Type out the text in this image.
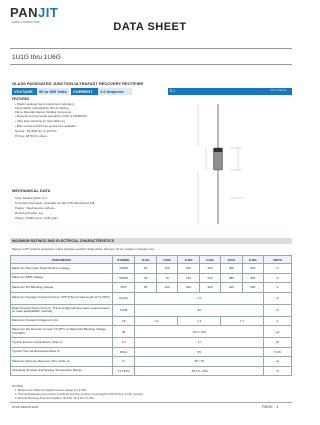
PANJIT
SEMI CONDUCTOR	DATA SHEET
1U1G thru 1U6G
GLASS PASSIVATED JUNCTION ULTRAFAST RECOVERY RECTIFIER
VOLTAGE	50 to 500 Volts	CURRENT	1.0 Amperes	R-1	Unit: inch(mm)
FEATURES
• Plastic package has Underwriters Laboratory
Flammability Classification 94V-O utilizing
Flame Retardant Epoxy Molding Compound
• Exceeds environmental standards of MIL-S-19500/228
• Ultra Fast switching for high efficiency
• Both normal and Pb free product are available :
Normal : 90~95% Sn, 5~10% Pb
Pb free: 98.5% Sn above
MECHANICAL DATA
Case: Molded plastic, R-1
Terminals: Axial leads, solderable per MIL-STD-202,Method 208
Polarity : Band denotes cathode
Mounting Position: Any
Weight: 0.0065 ounce, 0.181 gram
MAXIMUM RATINGS AND ELECTRICAL CHARACTERISTICS
Ratings at 25°C ambient temperature unless otherwise specified. Single phase, half wave, 60 Hz, resistive or inductive load.
PARAMETER	SYMBOL	1U1G	1U2G	1U3G	1U4G	1U5G	1U6G	UNITS
Maximum Recurrent Peak Reverse Voltage	VRRM	50	100	200	300	400	500	V
Maximum RMS Voltage	VRMS	35	70	140	210	280	350	V
Maximum DC Blocking Voltage	VDC	50	100	200	300	400	500	V
Maximum Average Forward Current .375"(9.5mm) lead length at TL=55°C	IF(AV)	1.0						A
Peak Forward Surge Current : 8.3ms single half sine-wave superimposed on rated load(JEDEC method)	IFSM	30						A
Maximum Forward Voltage at 1.0A	VF	1.0		1.3		1.7		V
Maximum DC Reverse Current TJ=25°C at Rated DC Blocking Voltage TJ=100°C	IR	10.0 / 100						µA
Typical Junction Capacitance (Note 1)	CJ	17						pF
Typical Thermal Resistance(Note 2)	RθJA	65						°C/W
Maximum Reverse Recovery Time (Note 3)	trr	50 / 75						ns
Operating Junction and Storage Temperature Range	TJ,TSTG	-55 TO +150						°C
NOTES:
1. Measured at 1 MHz and applied reverse voltage of 4.0 VDC.
2. Thermal Resistance from junction to ambient and from junction to lead length 0.375"(9.5mm) P.C.B. mounted.
3. Reverse Recovery Time test condition: IF=0.5A, IR=1.0A, Irr=.25A.
STAD-FEB.20.2004	PAGE . 1
